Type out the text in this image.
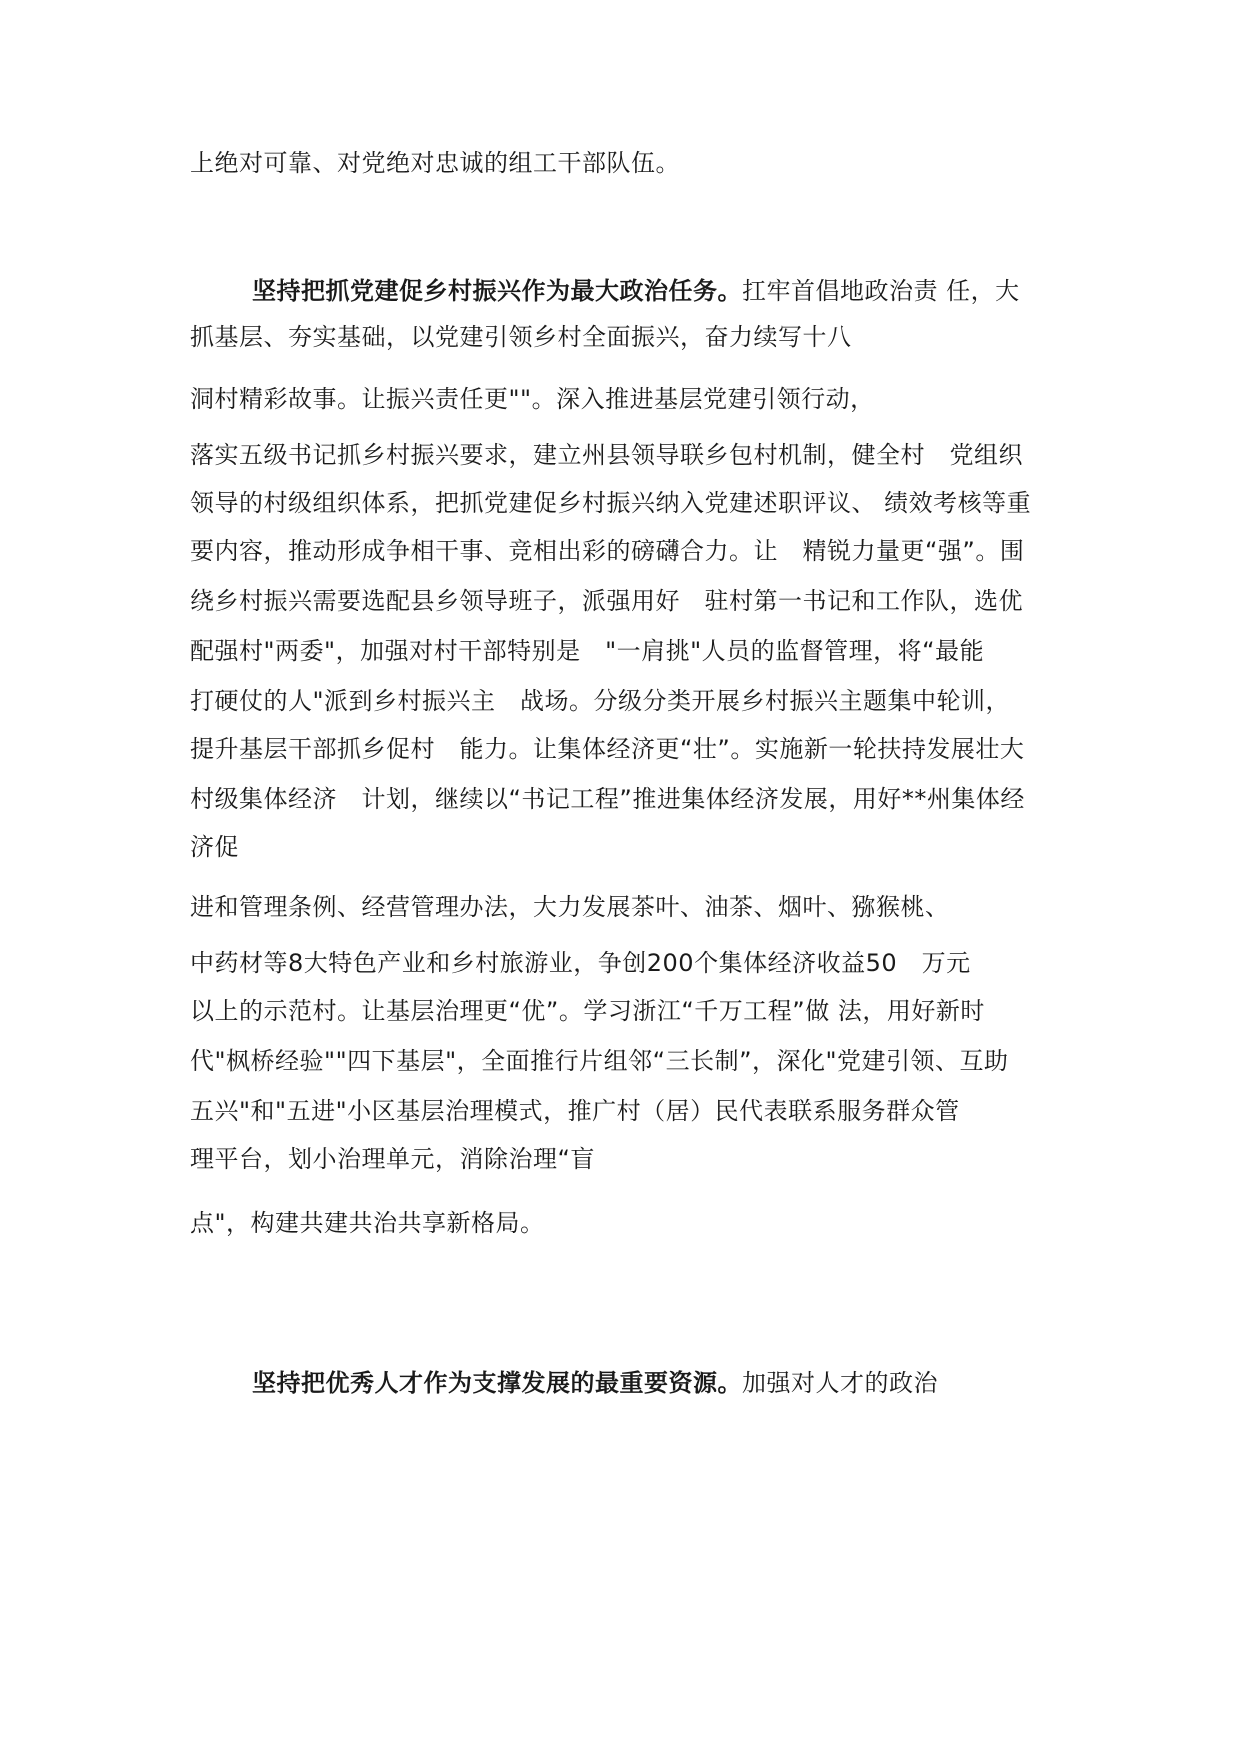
上绝对可靠、对党绝对忠诚的组工干部队伍。
坚持把抓党建促乡村振兴作为最大政治任务。扛牢首倡地政治责 任，大
抓基层、夯实基础，以党建引领乡村全面振兴，奋力续写十八
洞村精彩故事。让振兴责任更""。深入推进基层党建引领行动，
落实五级书记抓乡村振兴要求，建立州县领导联乡包村机制，健全村　党组织
领导的村级组织体系，把抓党建促乡村振兴纳入党建述职评议、 绩效考核等重
要内容，推动形成争相干事、竞相出彩的磅礴合力。让　精锐力量更“强”。围
绕乡村振兴需要选配县乡领导班子，派强用好　驻村第一书记和工作队，选优
配强村"两委"，加强对村干部特别是　"一肩挑"人员的监督管理，将“最能
打硬仗的人"派到乡村振兴主　战场。分级分类开展乡村振兴主题集中轮训，
提升基层干部抓乡促村　能力。让集体经济更“壮”。实施新一轮扶持发展壮大
村级集体经济　计划，继续以“书记工程”推进集体经济发展，用好**州集体经
济促
进和管理条例、经营管理办法，大力发展茶叶、油茶、烟叶、猕猴桃、
中药材等8大特色产业和乡村旅游业，争创200个集体经济收益50　万元
以上的示范村。让基层治理更“优”。学习浙江“千万工程”做 法，用好新时
代"枫桥经验""四下基层"，全面推行片组邻“三长制”，深化"党建引领、互助
五兴"和"五进"小区基层治理模式，推广村（居）民代表联系服务群众管
理平台，划小治理单元，消除治理“盲
点"，构建共建共治共享新格局。
坚持把优秀人才作为支撑发展的最重要资源。加强对人才的政治
